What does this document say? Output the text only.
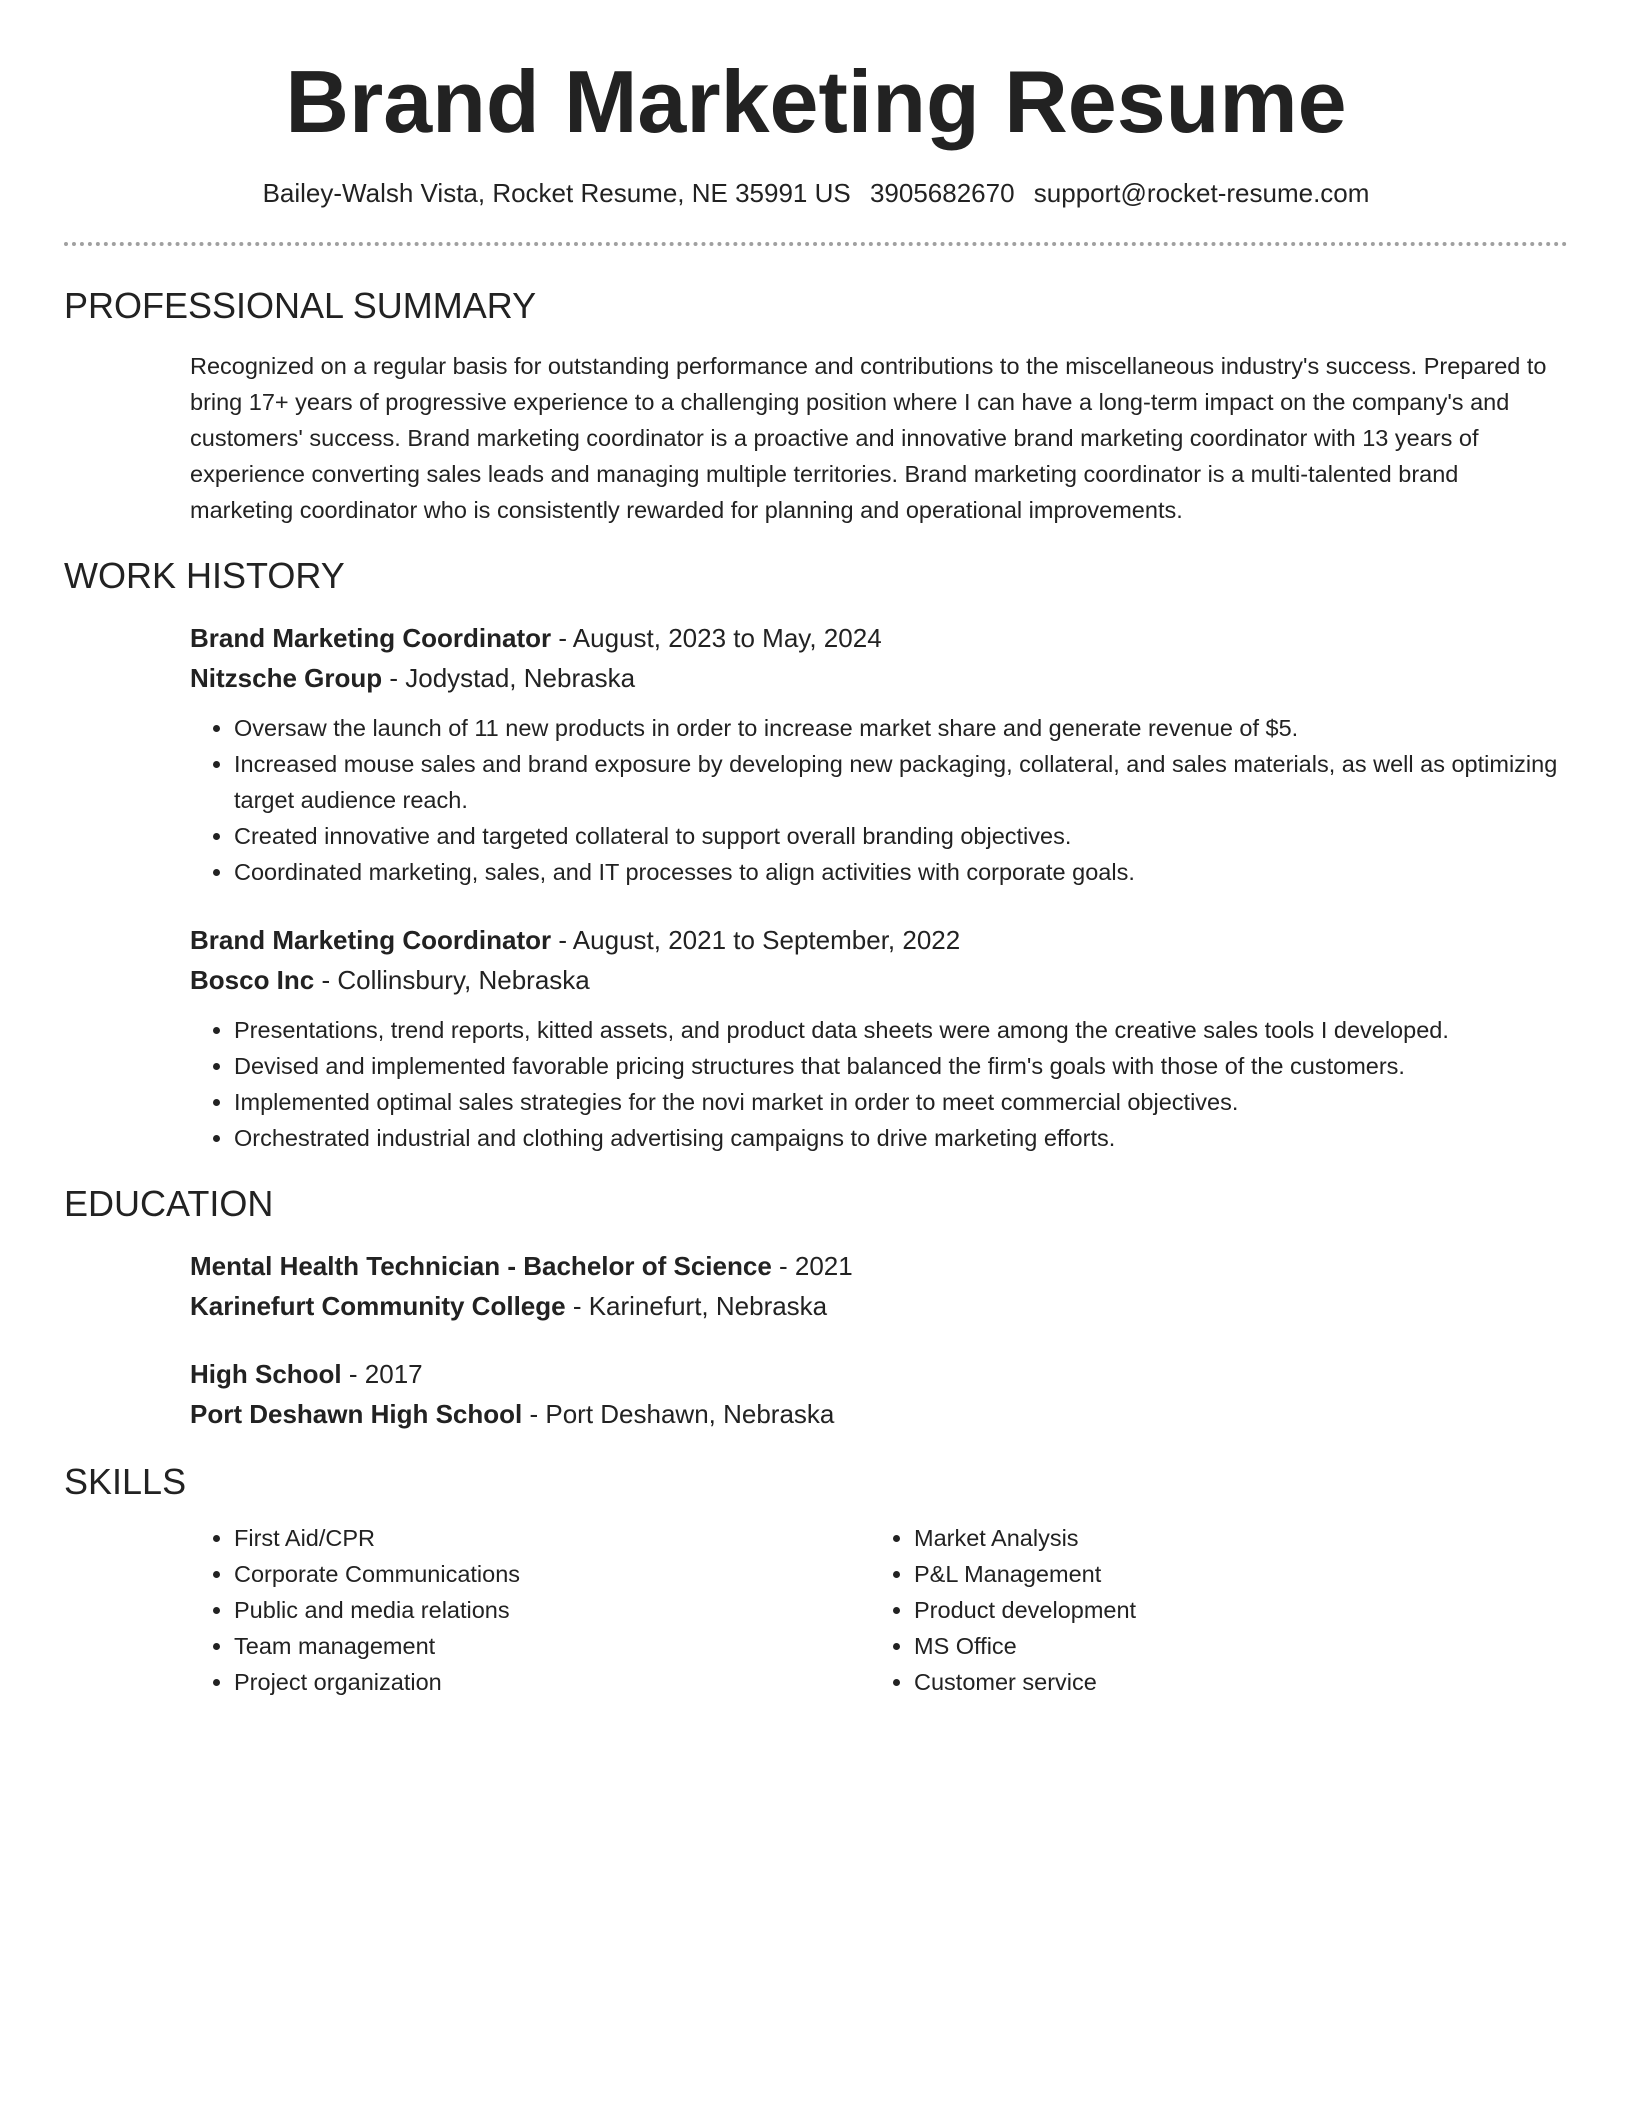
Brand Marketing Resume
Bailey-Walsh Vista, Rocket Resume, NE 35991 US 3905682670 support@rocket-resume.com
PROFESSIONAL SUMMARY

Recognized on a regular basis for outstanding performance and contributions to the miscellaneous industry's success. Prepared to bring 17+ years of progressive experience to a challenging position where I can have a long-term impact on the company's and customers' success. Brand marketing coordinator is a proactive and innovative brand marketing coordinator with 13 years of experience converting sales leads and managing multiple territories. Brand marketing coordinator is a multi-talented brand marketing coordinator who is consistently rewarded for planning and operational improvements.

WORK HISTORY
Brand Marketing Coordinator - August, 2023 to May, 2024
Nitzsche Group - Jodystad, Nebraska
• Oversaw the launch of 11 new products in order to increase market share and generate revenue of $5.
• Increased mouse sales and brand exposure by developing new packaging, collateral, and sales materials, as well as optimizing target audience reach.
• Created innovative and targeted collateral to support overall branding objectives.
• Coordinated marketing, sales, and IT processes to align activities with corporate goals.
Brand Marketing Coordinator - August, 2021 to September, 2022
Bosco Inc - Collinsbury, Nebraska
• Presentations, trend reports, kitted assets, and product data sheets were among the creative sales tools I developed.
• Devised and implemented favorable pricing structures that balanced the firm's goals with those of the customers.
• Implemented optimal sales strategies for the novi market in order to meet commercial objectives.
• Orchestrated industrial and clothing advertising campaigns to drive marketing efforts.
EDUCATION
Mental Health Technician - Bachelor of Science - 2021
Karinefurt Community College - Karinefurt, Nebraska
High School - 2017
Port Deshawn High School - Port Deshawn, Nebraska
SKILLS
• First Aid/CPR
• Corporate Communications
• Public and media relations
• Team management
• Project organization
• Market Analysis
• P&L Management
• Product development
• MS Office
• Customer service
